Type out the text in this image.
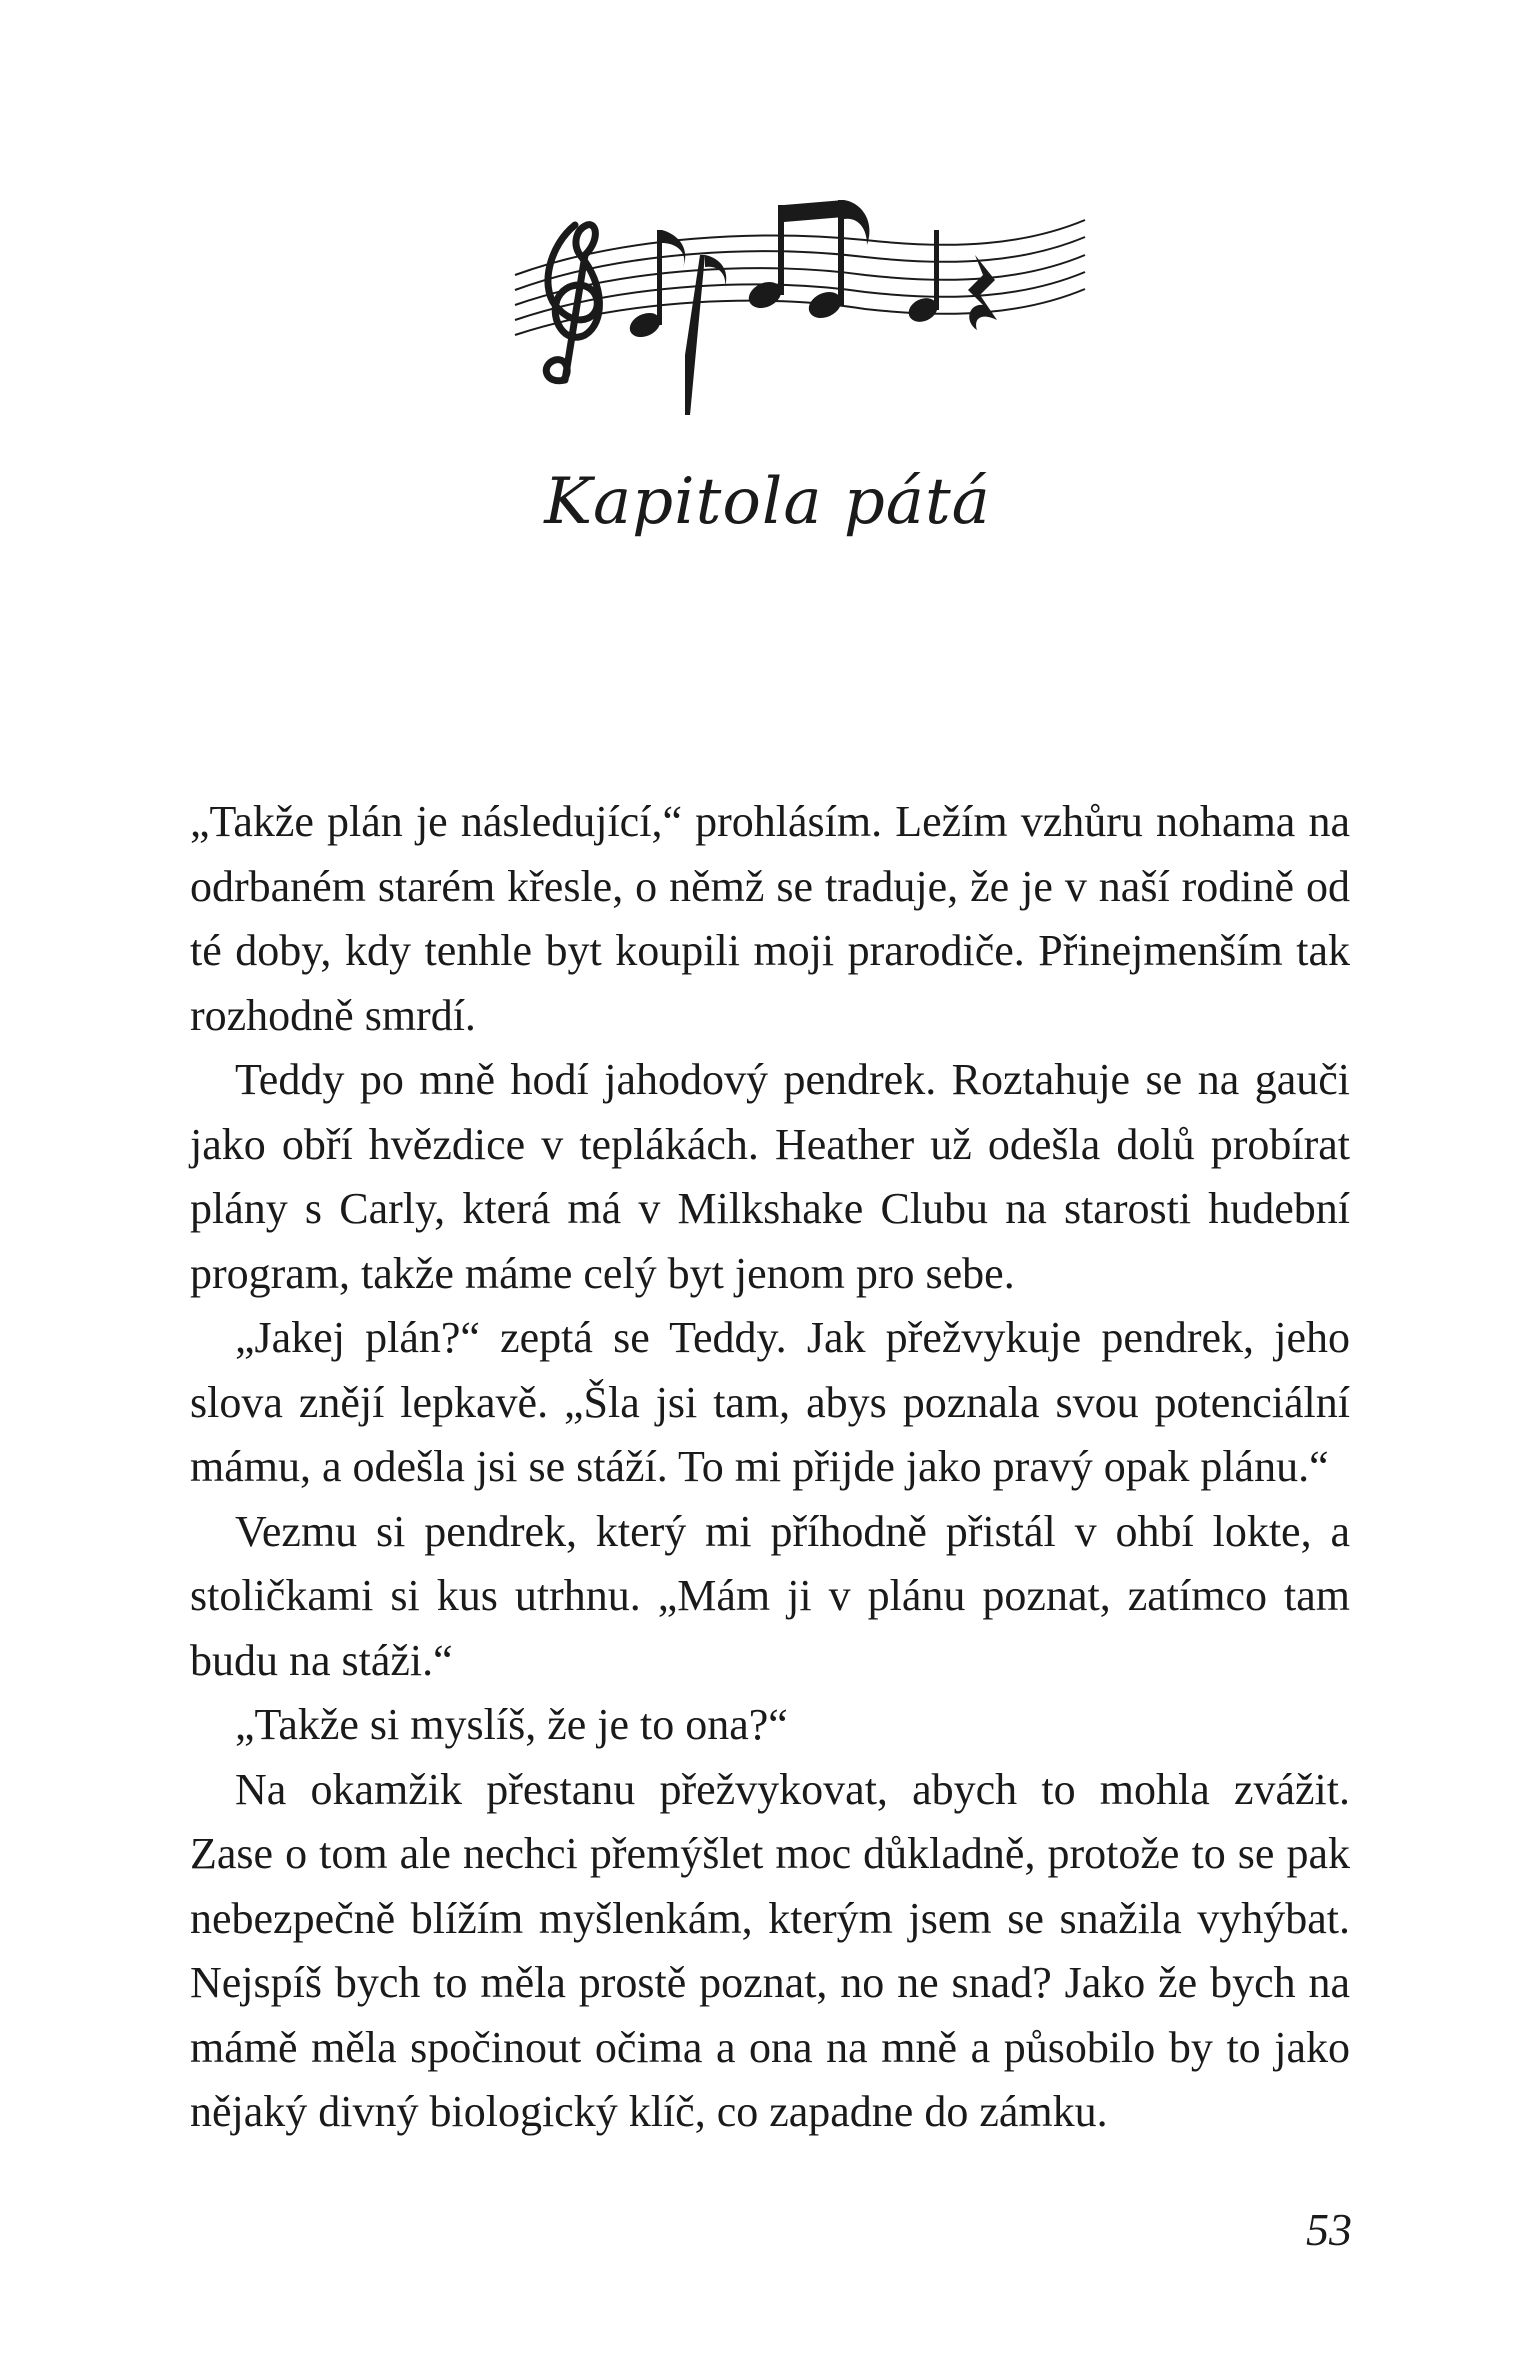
Kapitola pátá

„Takže plán je následující,“ prohlásím. Ležím vzhůru nohama na odrbaném starém křesle, o němž se traduje, že je v naší rodině od té doby, kdy tenhle byt koupili moji prarodiče. Přinejmenším tak rozhodně smrdí.

Teddy po mně hodí jahodový pendrek. Roztahuje se na gauči jako obří hvězdice v teplákách. Heather už odešla dolů probírat plány s Carly, která má v Milkshake Clubu na starosti hudební program, takže máme celý byt jenom pro sebe.

„Jakej plán?“ zeptá se Teddy. Jak přežvykuje pendrek, jeho slova znějí lepkavě. „Šla jsi tam, abys poznala svou potenciální mámu, a odešla jsi se stáží. To mi přijde jako pravý opak plánu.“

Vezmu si pendrek, který mi příhodně přistál v ohbí lokte, a stoličkami si kus utrhnu. „Mám ji v plánu poznat, zatímco tam budu na stáži.“

„Takže si myslíš, že je to ona?“

Na okamžik přestanu přežvykovat, abych to mohla zvážit. Zase o tom ale nechci přemýšlet moc důkladně, protože to se pak nebezpečně blížím myšlenkám, kterým jsem se snažila vyhýbat. Nejspíš bych to měla prostě poznat, no ne snad? Jako že bych na mámě měla spočinout očima a ona na mně a působilo by to jako nějaký divný biologický klíč, co zapadne do zámku.

53
